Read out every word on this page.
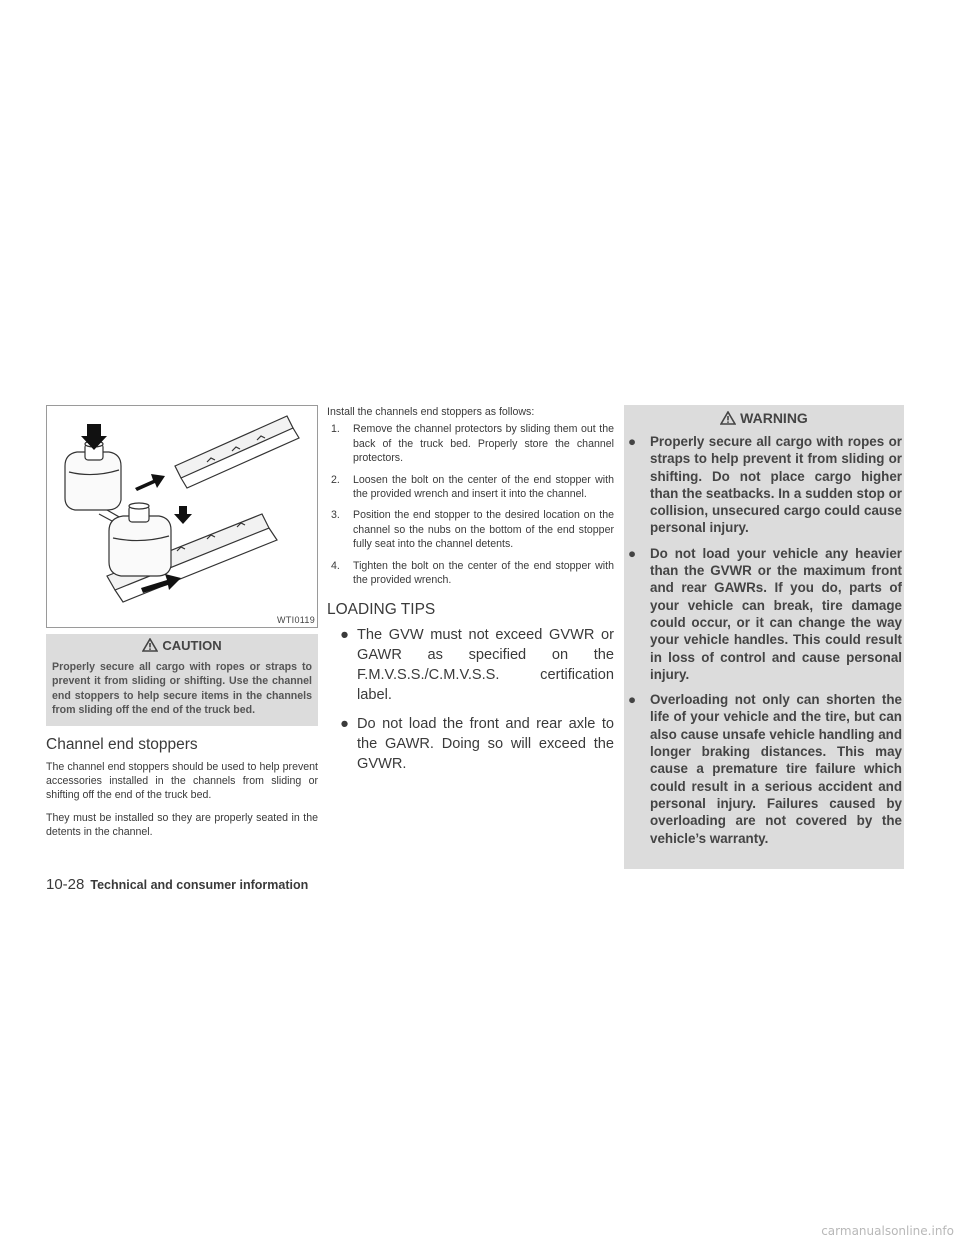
WTI0119
CAUTION
Properly secure all cargo with ropes or straps to prevent it from sliding or shifting. Use the channel end stoppers to help secure items in the channels from sliding off the end of the truck bed.
Channel end stoppers

The channel end stoppers should be used to help prevent accessories installed in the channels from sliding or shifting off the end of the truck bed.

They must be installed so they are properly seated in the detents in the channel.

Install the channels end stoppers as follows:

1.	Remove the channel protectors by sliding them out the back of the truck bed. Properly store the channel protectors.
2.	Loosen the bolt on the center of the end stopper with the provided wrench and insert it into the channel.
3.	Position the end stopper to the desired location on the channel so the nubs on the bottom of the end stopper fully seat into the channel detents.
4.	Tighten the bolt on the center of the end stopper with the provided wrench.
LOADING TIPS
● The GVW must not exceed GVWR or GAWR as specified on the F.M.V.S.S./C.M.V.S.S. certification label.
● Do not load the front and rear axle to the GAWR. Doing so will exceed the GVWR.
WARNING
●	Properly secure all cargo with ropes or straps to help prevent it from sliding or shifting. Do not place cargo higher than the seatbacks. In a sudden stop or collision, unsecured cargo could cause personal injury.
●	Do not load your vehicle any heavier than the GVWR or the maximum front and rear GAWRs. If you do, parts of your vehicle can break, tire damage could occur, or it can change the way your vehicle handles. This could result in loss of control and cause personal injury.
●	Overloading not only can shorten the life of your vehicle and the tire, but can also cause unsafe vehicle handling and longer braking distances. This may cause a premature tire failure which could result in a serious accident and personal injury. Failures caused by overloading are not covered by the vehicle’s warranty.
10-28 Technical and consumer information
carmanualsonline.info
